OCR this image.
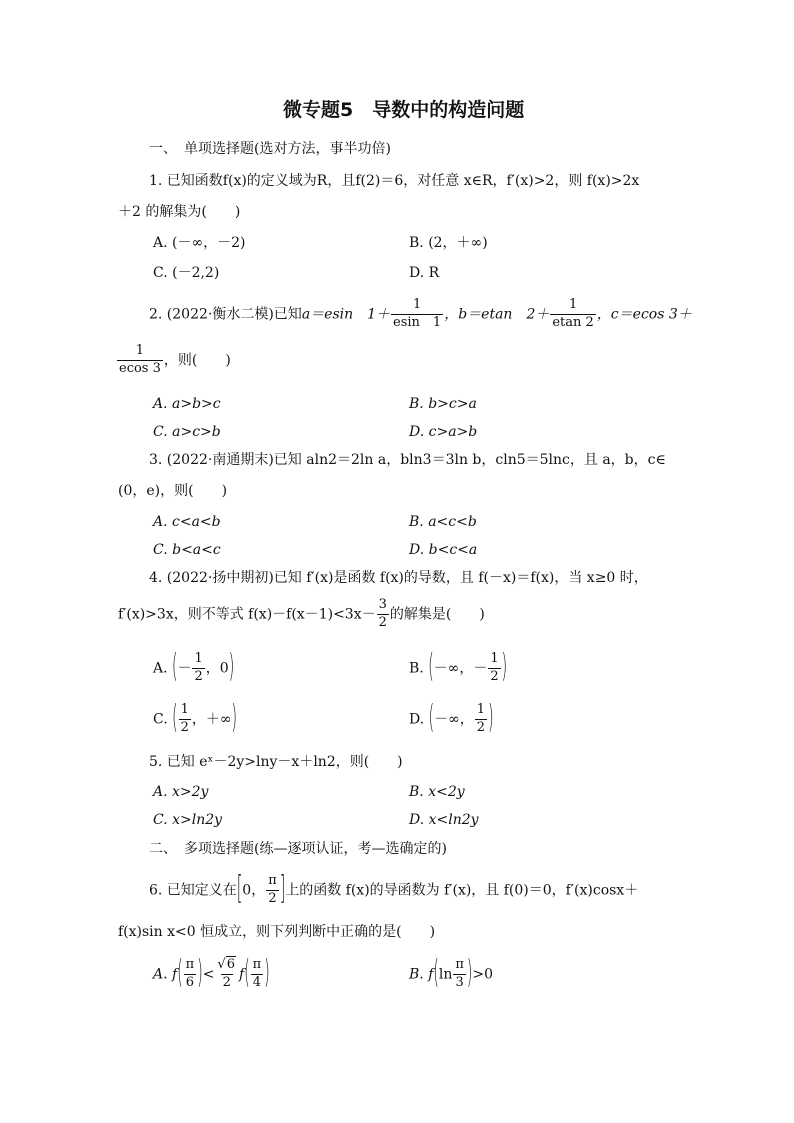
微专题5　导数中的构造问题
一、　单项选择题(选对方法，事半功倍)
1. 已知函数f(x)的定义域为R，且f(2)＝6，对任意 x∈R，f′(x)>2，则 f(x)>2x
＋2 的解集为(　　)
A. (－∞，－2)	B. (2，＋∞)
C. (－2,2)	D. R
2. (2022·衡水二模)已知a＝esin　$1+ \frac{1}{esin 1}$ ，b＝etan　$2+ \frac{1}{etan 2}$ ，c＝ecos 3＋
$\frac{1}{ecos 3}$ ，则(　　)
A. a>b>c	B. b>c>a
C. a>c>b	D. c>a>b
3. (2022·南通期末)已知 aln2＝2ln a，bln3＝3ln b，cln5＝5lnc，且 a，b，c∈
(0，e)，则(　　)
A. c<a<b	B. a<c<b
C. b<a<c	D. b<c<a
4. (2022·扬中期初)已知 f′(x)是函数 f(x)的导数，且 f(－x)＝f(x)，当 x≥0 时，
f′(x)>3x，则不等式 $f(x)-f(x-1)<3x- \frac{3}{2}$ 的解集是(　　)
A. (－ $\frac{1}{2}$ ，0)	B. (－∞，－ $\frac{1}{2}$ )
C. ( $\frac{1}{2}$ ，＋∞)	D. (－∞， $\frac{1}{2}$ )
5. 已知 eˣ－2y>lny－x＋ln2，则(　　)
A. x>2y	B. x<2y
C. x>ln2y	D. x<ln2y
二、　多项选择题(练—逐项认证，考—选确定的)
6. 已知定义在[0， $\frac{\pi}{2}$ ]上的函数 f(x)的导函数为 f′(x)，且 f(0)＝0，f′(x)cosx＋
f(x)sin x<0 恒成立，则下列判断中正确的是(　　)
A. $f( \frac{\pi}{6}$ )< $\frac{√6}{2} f( \frac{\pi}{4}$ )	B. $f(\ln \frac{\pi}{3} )>0$
